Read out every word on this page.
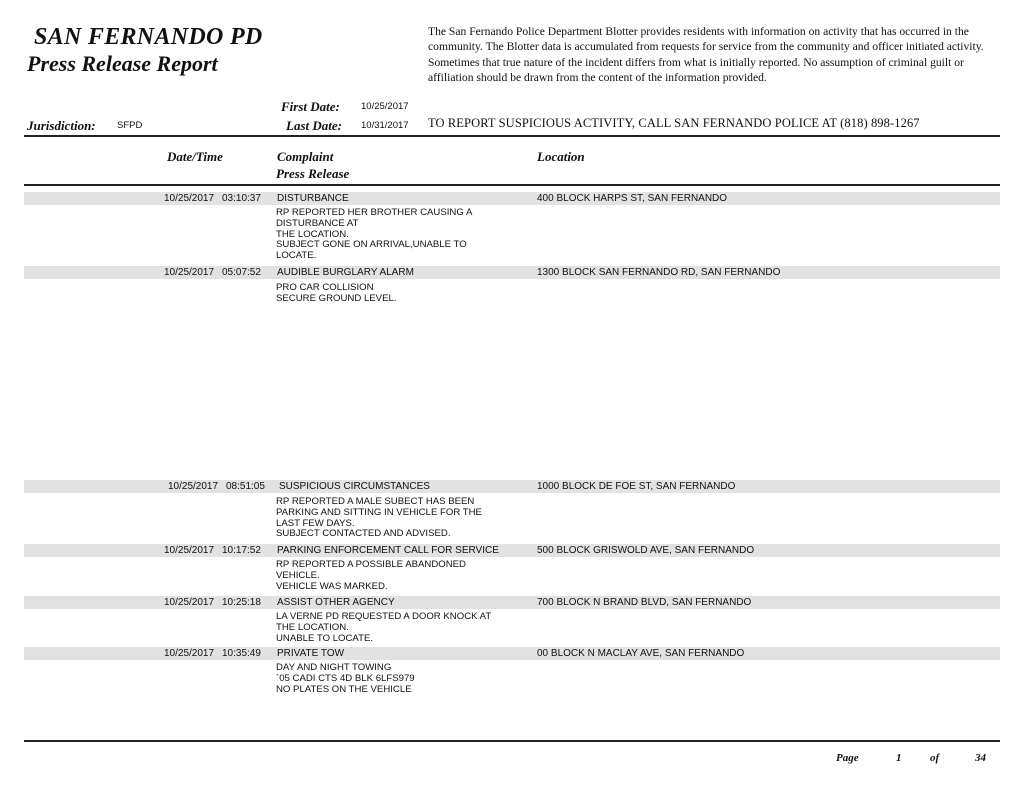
SAN FERNANDO PD
Press Release Report
The San Fernando Police Department Blotter provides residents with information on activity that has occurred in the community. The Blotter data is accumulated from requests for service from the community and officer initiated activity. Sometimes that true nature of the incident differs from what is initially reported. No assumption of criminal guilt or affiliation should be drawn from the content of the information provided.
First Date: 10/25/2017
Jurisdiction: SFPD	Last Date: 10/31/2017 TO REPORT SUSPICIOUS ACTIVITY, CALL SAN FERNANDO POLICE AT (818) 898-1267
Date/Time	Complaint
Press Release
Location
10/25/2017 03:10:37 DISTURBANCE	400 BLOCK HARPS ST, SAN FERNANDO
RP REPORTED HER BROTHER CAUSING A
DISTURBANCE AT
THE LOCATION.
SUBJECT GONE ON ARRIVAL,UNABLE TO
LOCATE.
10/25/2017 05:07:52 AUDIBLE BURGLARY ALARM	1300 BLOCK SAN FERNANDO RD, SAN FERNANDO
PRO CAR COLLISION
SECURE GROUND LEVEL.
10/25/2017 08:51:05 SUSPICIOUS CIRCUMSTANCES	1000 BLOCK DE FOE ST, SAN FERNANDO
RP REPORTED A MALE SUBECT HAS BEEN
PARKING AND SITTING IN VEHICLE FOR THE
LAST FEW DAYS.
SUBJECT CONTACTED AND ADVISED.
10/25/2017 10:17:52 PARKING ENFORCEMENT CALL FOR SERVICE	500 BLOCK GRISWOLD AVE, SAN FERNANDO
RP REPORTED A POSSIBLE ABANDONED
VEHICLE.
VEHICLE WAS MARKED.
10/25/2017 10:25:18 ASSIST OTHER AGENCY	700 BLOCK N BRAND BLVD, SAN FERNANDO
LA VERNE PD REQUESTED A DOOR KNOCK AT
THE LOCATION.
UNABLE TO LOCATE.
10/25/2017 10:35:49 PRIVATE TOW	00 BLOCK N MACLAY AVE, SAN FERNANDO
DAY AND NIGHT TOWING
`05 CADI CTS 4D BLK 6LFS979
NO PLATES ON THE VEHICLE
Page	1	of	34
